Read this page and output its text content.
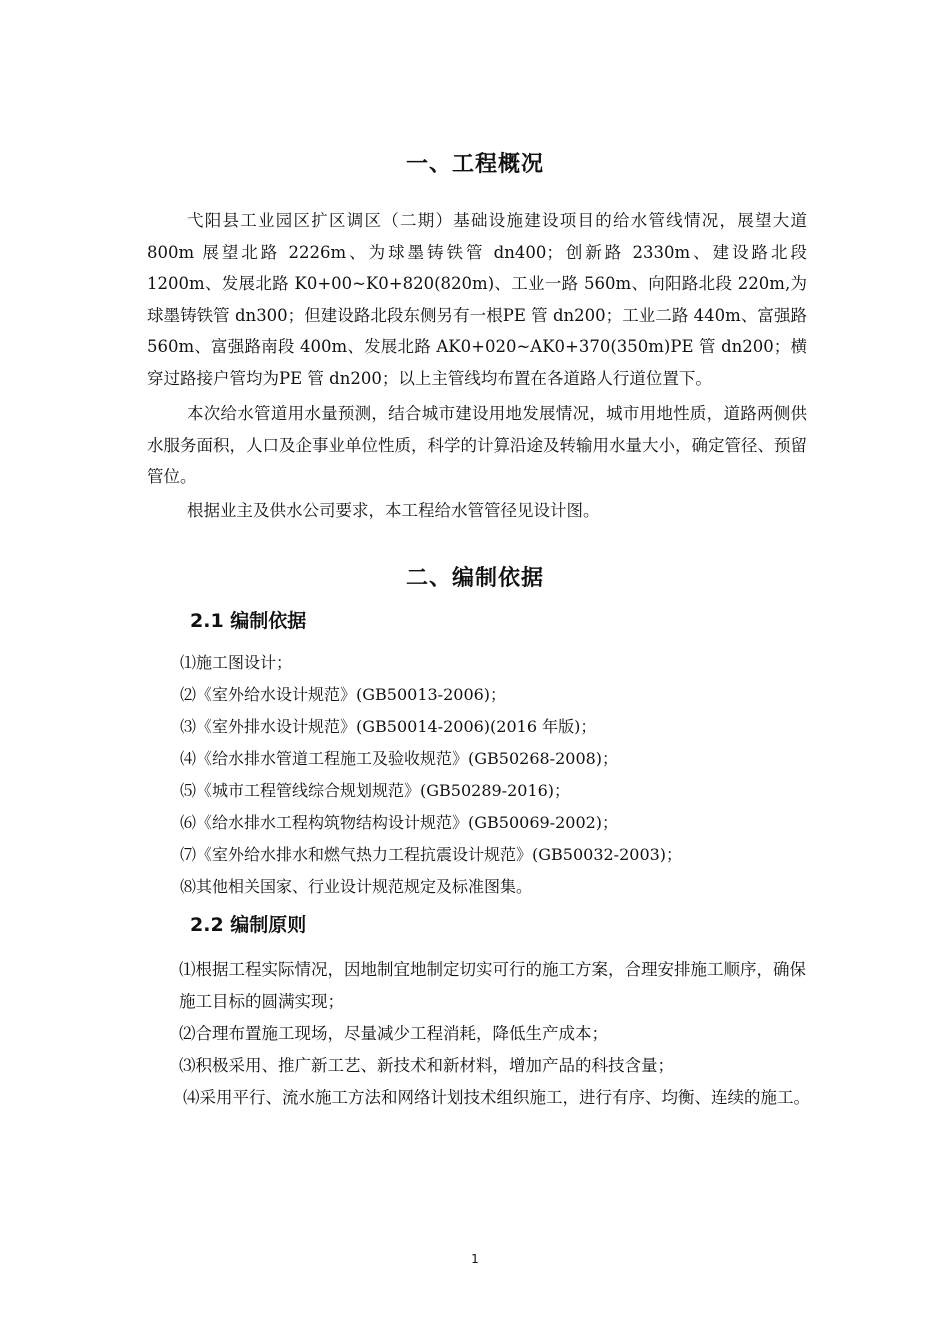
一、工程概况
弋阳县工业园区扩区调区（二期）基础设施建设项目的给水管线情况，展望大道 800m 展望北路 2226m、为球墨铸铁管 dn400；创新路 2330m、建设路北段 1200m、发展北路 K0+00~K0+820(820m)、工业一路 560m、向阳路北段 220m,为球墨铸铁管 dn300；但建设路北段东侧另有一根PE 管 dn200；工业二路 440m、富强路 560m、富强路南段 400m、发展北路 AK0+020~AK0+370(350m)PE 管 dn200；横穿过路接户管均为PE 管 dn200；以上主管线均布置在各道路人行道位置下。
本次给水管道用水量预测，结合城市建设用地发展情况，城市用地性质，道路两侧供水服务面积，人口及企事业单位性质，科学的计算沿途及转输用水量大小，确定管径、预留管位。
根据业主及供水公司要求，本工程给水管管径见设计图。
二、编制依据
2.1 编制依据
⑴施工图设计；
⑵《室外给水设计规范》(GB50013-2006)；
⑶《室外排水设计规范》(GB50014-2006)(2016 年版)；
⑷《给水排水管道工程施工及验收规范》(GB50268-2008)；
⑸《城市工程管线综合规划规范》(GB50289-2016)；
⑹《给水排水工程构筑物结构设计规范》(GB50069-2002)；
⑺《室外给水排水和燃气热力工程抗震设计规范》(GB50032-2003)；
⑻其他相关国家、行业设计规范规定及标准图集。
2.2 编制原则
⑴根据工程实际情况，因地制宜地制定切实可行的施工方案，合理安排施工顺序，确保施工目标的圆满实现；
⑵合理布置施工现场，尽量减少工程消耗，降低生产成本；
⑶积极采用、推广新工艺、新技术和新材料，增加产品的科技含量；
⑷采用平行、流水施工方法和网络计划技术组织施工，进行有序、均衡、连续的施工。
1
